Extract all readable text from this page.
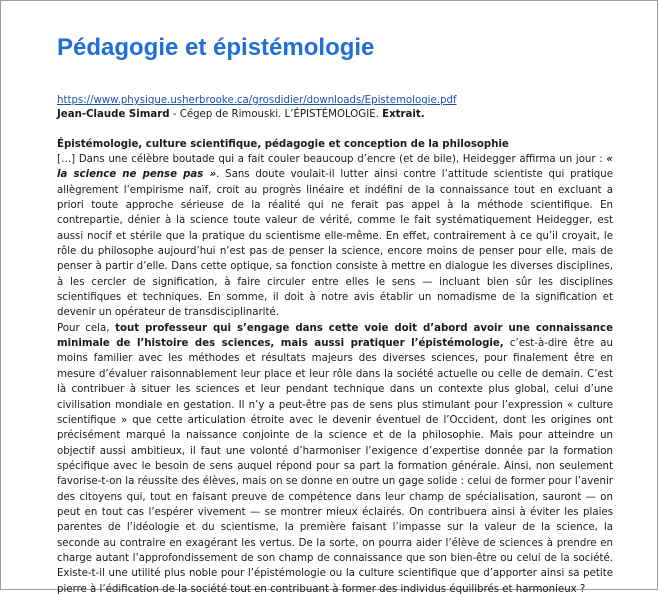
Pédagogie et épistémologie
https://www.physique.usherbrooke.ca/grosdidier/downloads/Epistemologie.pdf
Jean-Claude Simard - Cégep de Rimouski. L’ÉPISTÉMOLOGIE. Extrait.
Épistémologie, culture scientifique, pédagogie et conception de la philosophie

[…] Dans une célèbre boutade qui a fait couler beaucoup d’encre (et de bile), Heidegger affirma un jour : « la science ne pense pas ». Sans doute voulait-il lutter ainsi contre l’attitude scientiste qui pratique allègrement l’empirisme naïf, croit au progrès linéaire et indéfini de la connaissance tout en excluant a priori toute approche sérieuse de la réalité qui ne ferait pas appel à la méthode scientifique. En contrepartie, dénier à la science toute valeur de vérité, comme le fait systématiquement Heidegger, est aussi nocif et stérile que la pratique du scientisme elle-même. En effet, contrairement à ce qu’il croyait, le rôle du philosophe aujourd’hui n’est pas de penser la science, encore moins de penser pour elle, mais de penser à partir d’elle. Dans cette optique, sa fonction consiste à mettre en dialogue les diverses disciplines, à les cercler de signification, à faire circuler entre elles le sens — incluant bien sûr les disciplines scientifiques et techniques. En somme, il doit à notre avis établir un nomadisme de la signification et devenir un opérateur de transdisciplinarité.

Pour cela, tout professeur qui s’engage dans cette voie doit d’abord avoir une connaissance minimale de l’histoire des sciences, mais aussi pratiquer l’épistémologie, c’est-à-dire être au moins familier avec les méthodes et résultats majeurs des diverses sciences, pour finalement être en mesure d’évaluer raisonnablement leur place et leur rôle dans la société actuelle ou celle de demain. C’est là contribuer à situer les sciences et leur pendant technique dans un contexte plus global, celui d’une civilisation mondiale en gestation. Il n’y a peut-être pas de sens plus stimulant pour l’expression « culture scientifique » que cette articulation étroite avec le devenir éventuel de l’Occident, dont les origines ont précisément marqué la naissance conjointe de la science et de la philosophie. Mais pour atteindre un objectif aussi ambitieux, il faut une volonté d’harmoniser l’exigence d’expertise donnée par la formation spécifique avec le besoin de sens auquel répond pour sa part la formation générale. Ainsi, non seulement favorise-t-on la réussite des élèves, mais on se donne en outre un gage solide : celui de former pour l’avenir des citoyens qui, tout en faisant preuve de compétence dans leur champ de spécialisation, sauront — on peut en tout cas l’espérer vivement — se montrer mieux éclairés. On contribuera ainsi à éviter les plaies parentes de l’idéologie et du scientisme, la première faisant l’impasse sur la valeur de la science, la seconde au contraire en exagérant les vertus. De la sorte, on pourra aider l’élève de sciences à prendre en charge autant l’approfondissement de son champ de connaissance que son bien-être ou celui de la société. Existe-t-il une utilité plus noble pour l’épistémologie ou la culture scientifique que d’apporter ainsi sa petite pierre à l’édification de la société tout en contribuant à former des individus équilibrés et harmonieux ?
